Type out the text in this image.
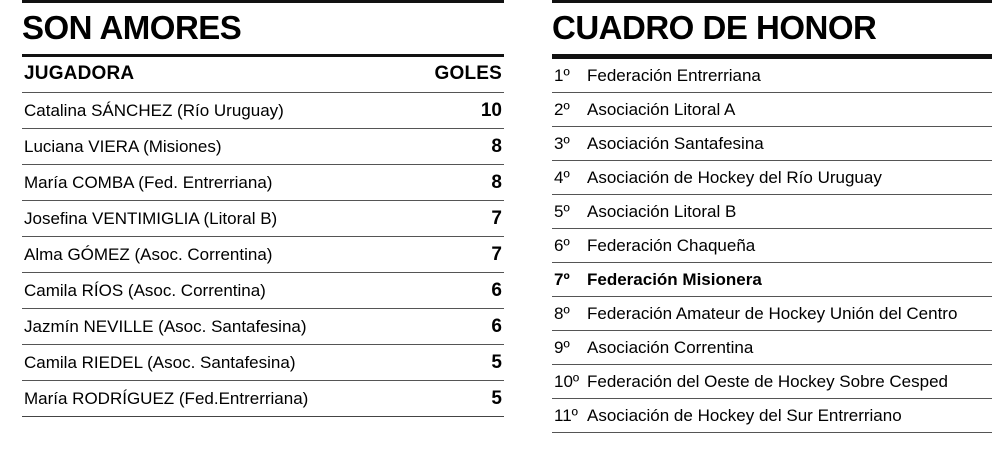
SON AMORES
JUGADORA	GOLES
Catalina SÁNCHEZ (Río Uruguay)	10
Luciana VIERA (Misiones)	8
María COMBA (Fed. Entrerriana)	8
Josefina VENTIMIGLIA (Litoral B)	7
Alma GÓMEZ (Asoc. Correntina)	7
Camila RÍOS (Asoc. Correntina)	6
Jazmín NEVILLE (Asoc. Santafesina)	6
Camila RIEDEL (Asoc. Santafesina)	5
María RODRÍGUEZ (Fed.Entrerriana)	5
CUADRO DE HONOR
1º	Federación Entrerriana
2º	Asociación Litoral A
3º	Asociación Santafesina
4º	Asociación de Hockey del Río Uruguay
5º	Asociación Litoral B
6º	Federación Chaqueña
7º	Federación Misionera
8º	Federación Amateur de Hockey Unión del Centro
9º	Asociación Correntina
10º Federación del Oeste de Hockey Sobre Cesped
11º Asociación de Hockey del Sur Entrerriano
